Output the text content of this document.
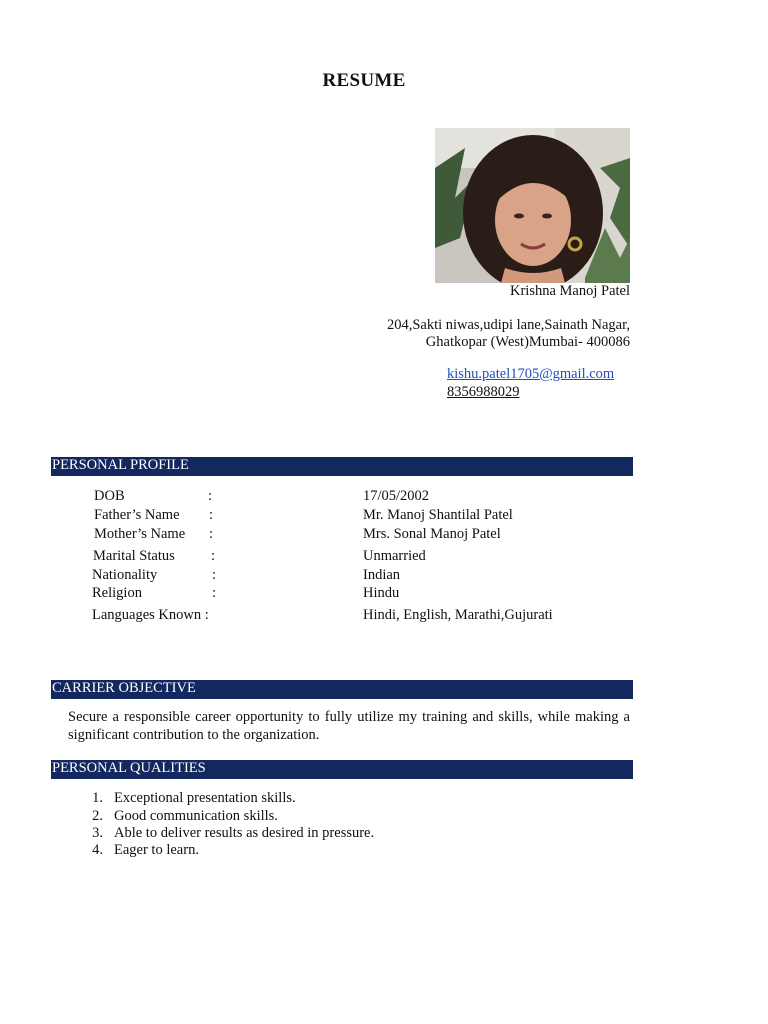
RESUME
Krishna Manoj Patel
204,Sakti niwas,udipi lane,Sainath Nagar,
Ghatkopar (West)Mumbai- 400086
kishu.patel1705@gmail.com
8356988029
PERSONAL PROFILE
DOB	:	17/05/2002
Father’s Name :	Mr. Manoj Shantilal Patel
Mother’s Name :	Mrs. Sonal Manoj Patel
Marital Status :	Unmarried
Nationality	:	Indian
Religion	:	Hindu
Languages Known :	Hindi, English, Marathi,Gujurati
CARRIER OBJECTIVE
Secure a responsible career opportunity to fully utilize my training and skills, while making a significant contribution to the organization.
PERSONAL QUALITIES
1. Exceptional presentation skills.
2. Good communication skills.
3. Able to deliver results as desired in pressure.
4. Eager to learn.
